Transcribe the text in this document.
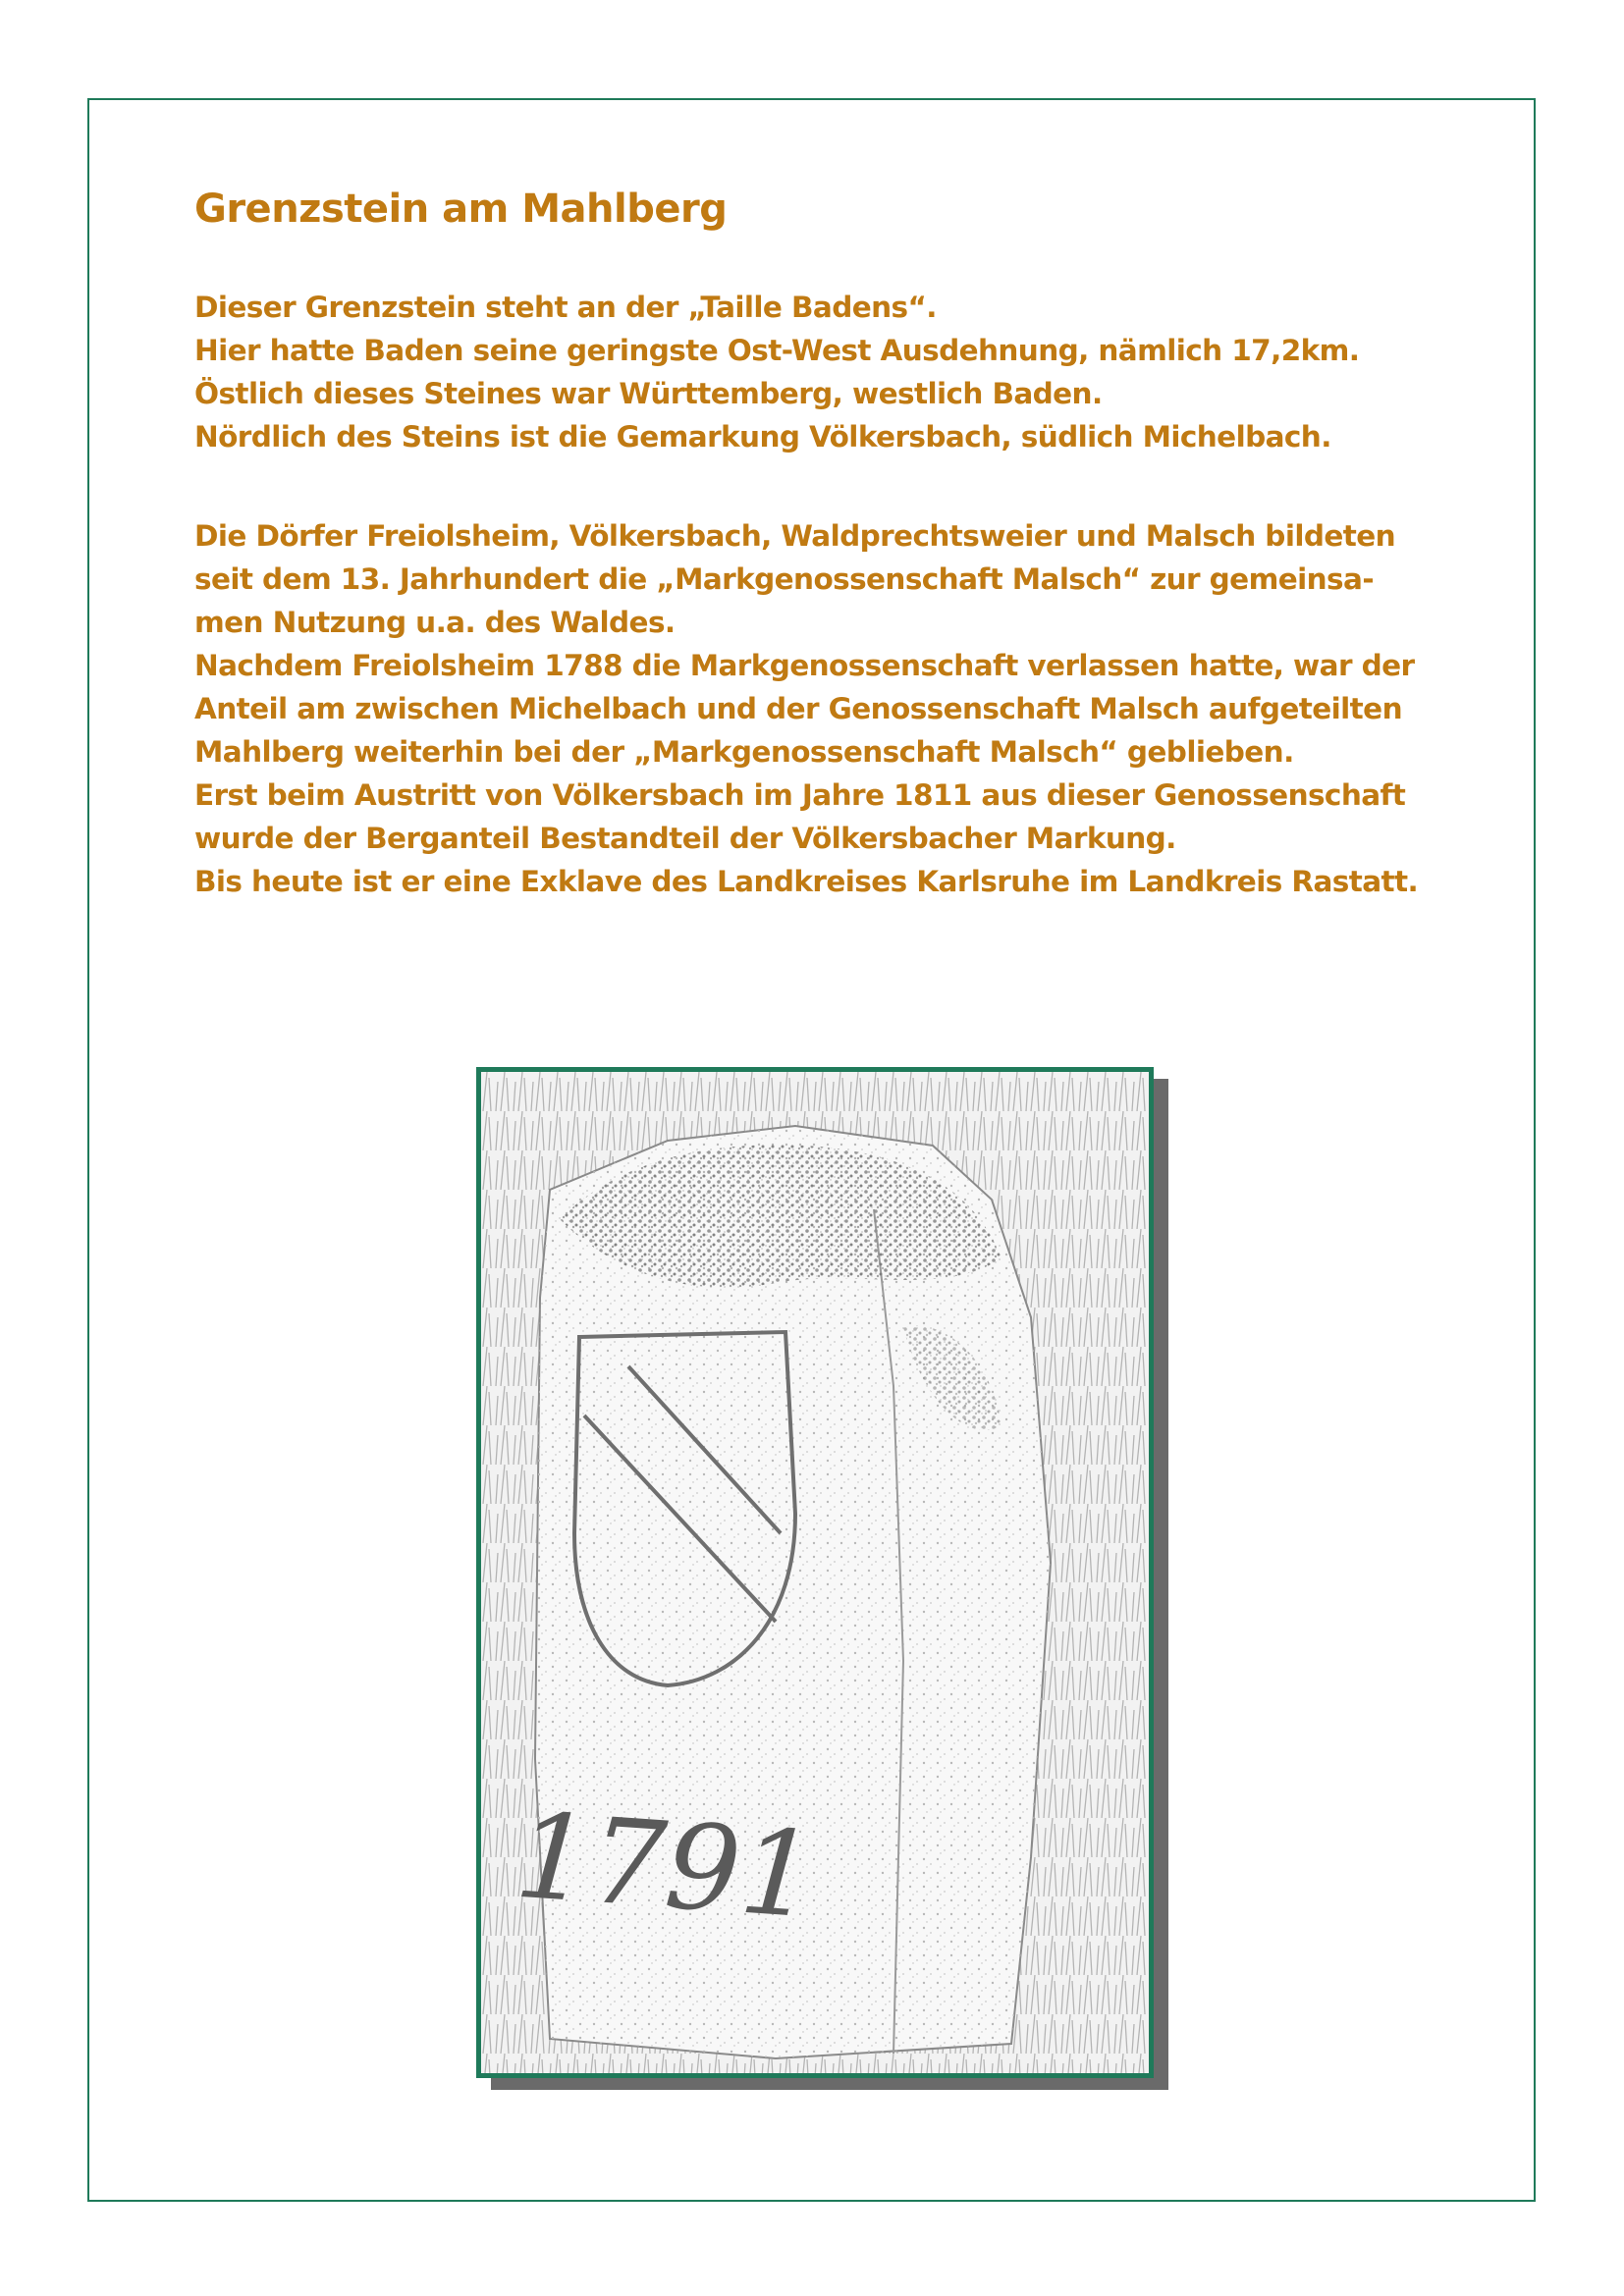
Grenzstein am Mahlberg
Dieser Grenzstein steht an der „Taille Badens“.
Hier hatte Baden seine geringste Ost-West Ausdehnung, nämlich 17,2km.
Östlich dieses Steines war Württemberg, westlich Baden.
Nördlich des Steins ist die Gemarkung Völkersbach, südlich Michelbach.
Die Dörfer Freiolsheim, Völkersbach, Waldprechtsweier und Malsch bildeten
seit dem 13. Jahrhundert die „Markgenossenschaft Malsch“ zur gemeinsa-
men Nutzung u.a. des Waldes.
Nachdem Freiolsheim 1788 die Markgenossenschaft verlassen hatte, war der
Anteil am zwischen Michelbach und der Genossenschaft Malsch aufgeteilten
Mahlberg weiterhin bei der „Markgenossenschaft Malsch“ geblieben.
Erst beim Austritt von Völkersbach im Jahre 1811 aus dieser Genossenschaft
wurde der Berganteil Bestandteil der Völkersbacher Markung.
Bis heute ist er eine Exklave des Landkreises Karlsruhe im Landkreis Rastatt.
1791
